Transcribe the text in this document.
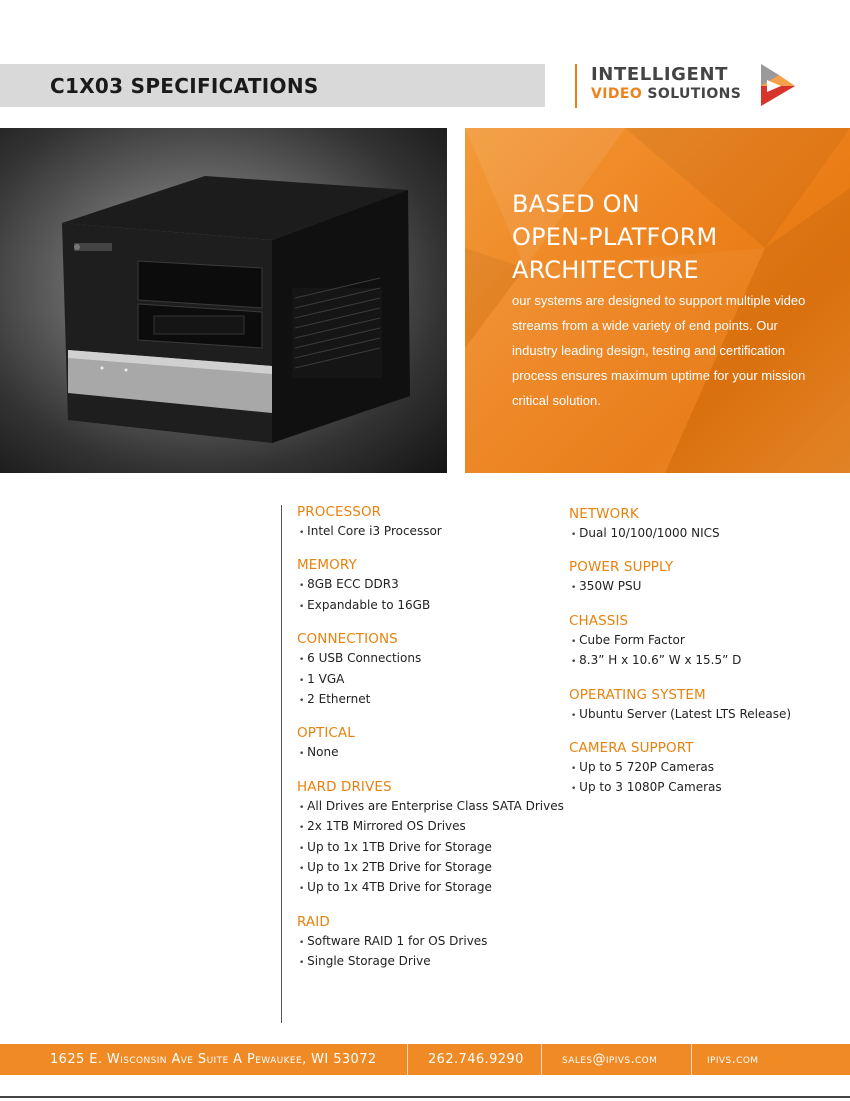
C1X03 SPECIFICATIONS	INTELLIGENT
VIDEO SOLUTIONS
BASED ON
OPEN-PLATFORM
ARCHITECTURE

our systems are designed to support multiple video streams from a wide variety of end points. Our industry leading design, testing and certification process ensures maximum uptime for your mission critical solution.

PROCESSOR
• Intel Core i3 Processor
MEMORY
• 8GB ECC DDR3
• Expandable to 16GB
CONNECTIONS
• 6 USB Connections
• 1 VGA
• 2 Ethernet
OPTICAL
• None
HARD DRIVES
• All Drives are Enterprise Class SATA Drives
• 2x 1TB Mirrored OS Drives
• Up to 1x 1TB Drive for Storage
• Up to 1x 2TB Drive for Storage
• Up to 1x 4TB Drive for Storage
RAID
• Software RAID 1 for OS Drives
• Single Storage Drive
NETWORK
• Dual 10/100/1000 NICS
POWER SUPPLY
• 350W PSU
CHASSIS
• Cube Form Factor
• 8.3” H x 10.6” W x 15.5” D
OPERATING SYSTEM
• Ubuntu Server (Latest LTS Release)
CAMERA SUPPORT
• Up to 5 720P Cameras
• Up to 3 1080P Cameras
1625 E. Wisconsin Ave Suite A Pewaukee, WI 53072	262.746.9290	sales@ipivs.com	ipivs.com
